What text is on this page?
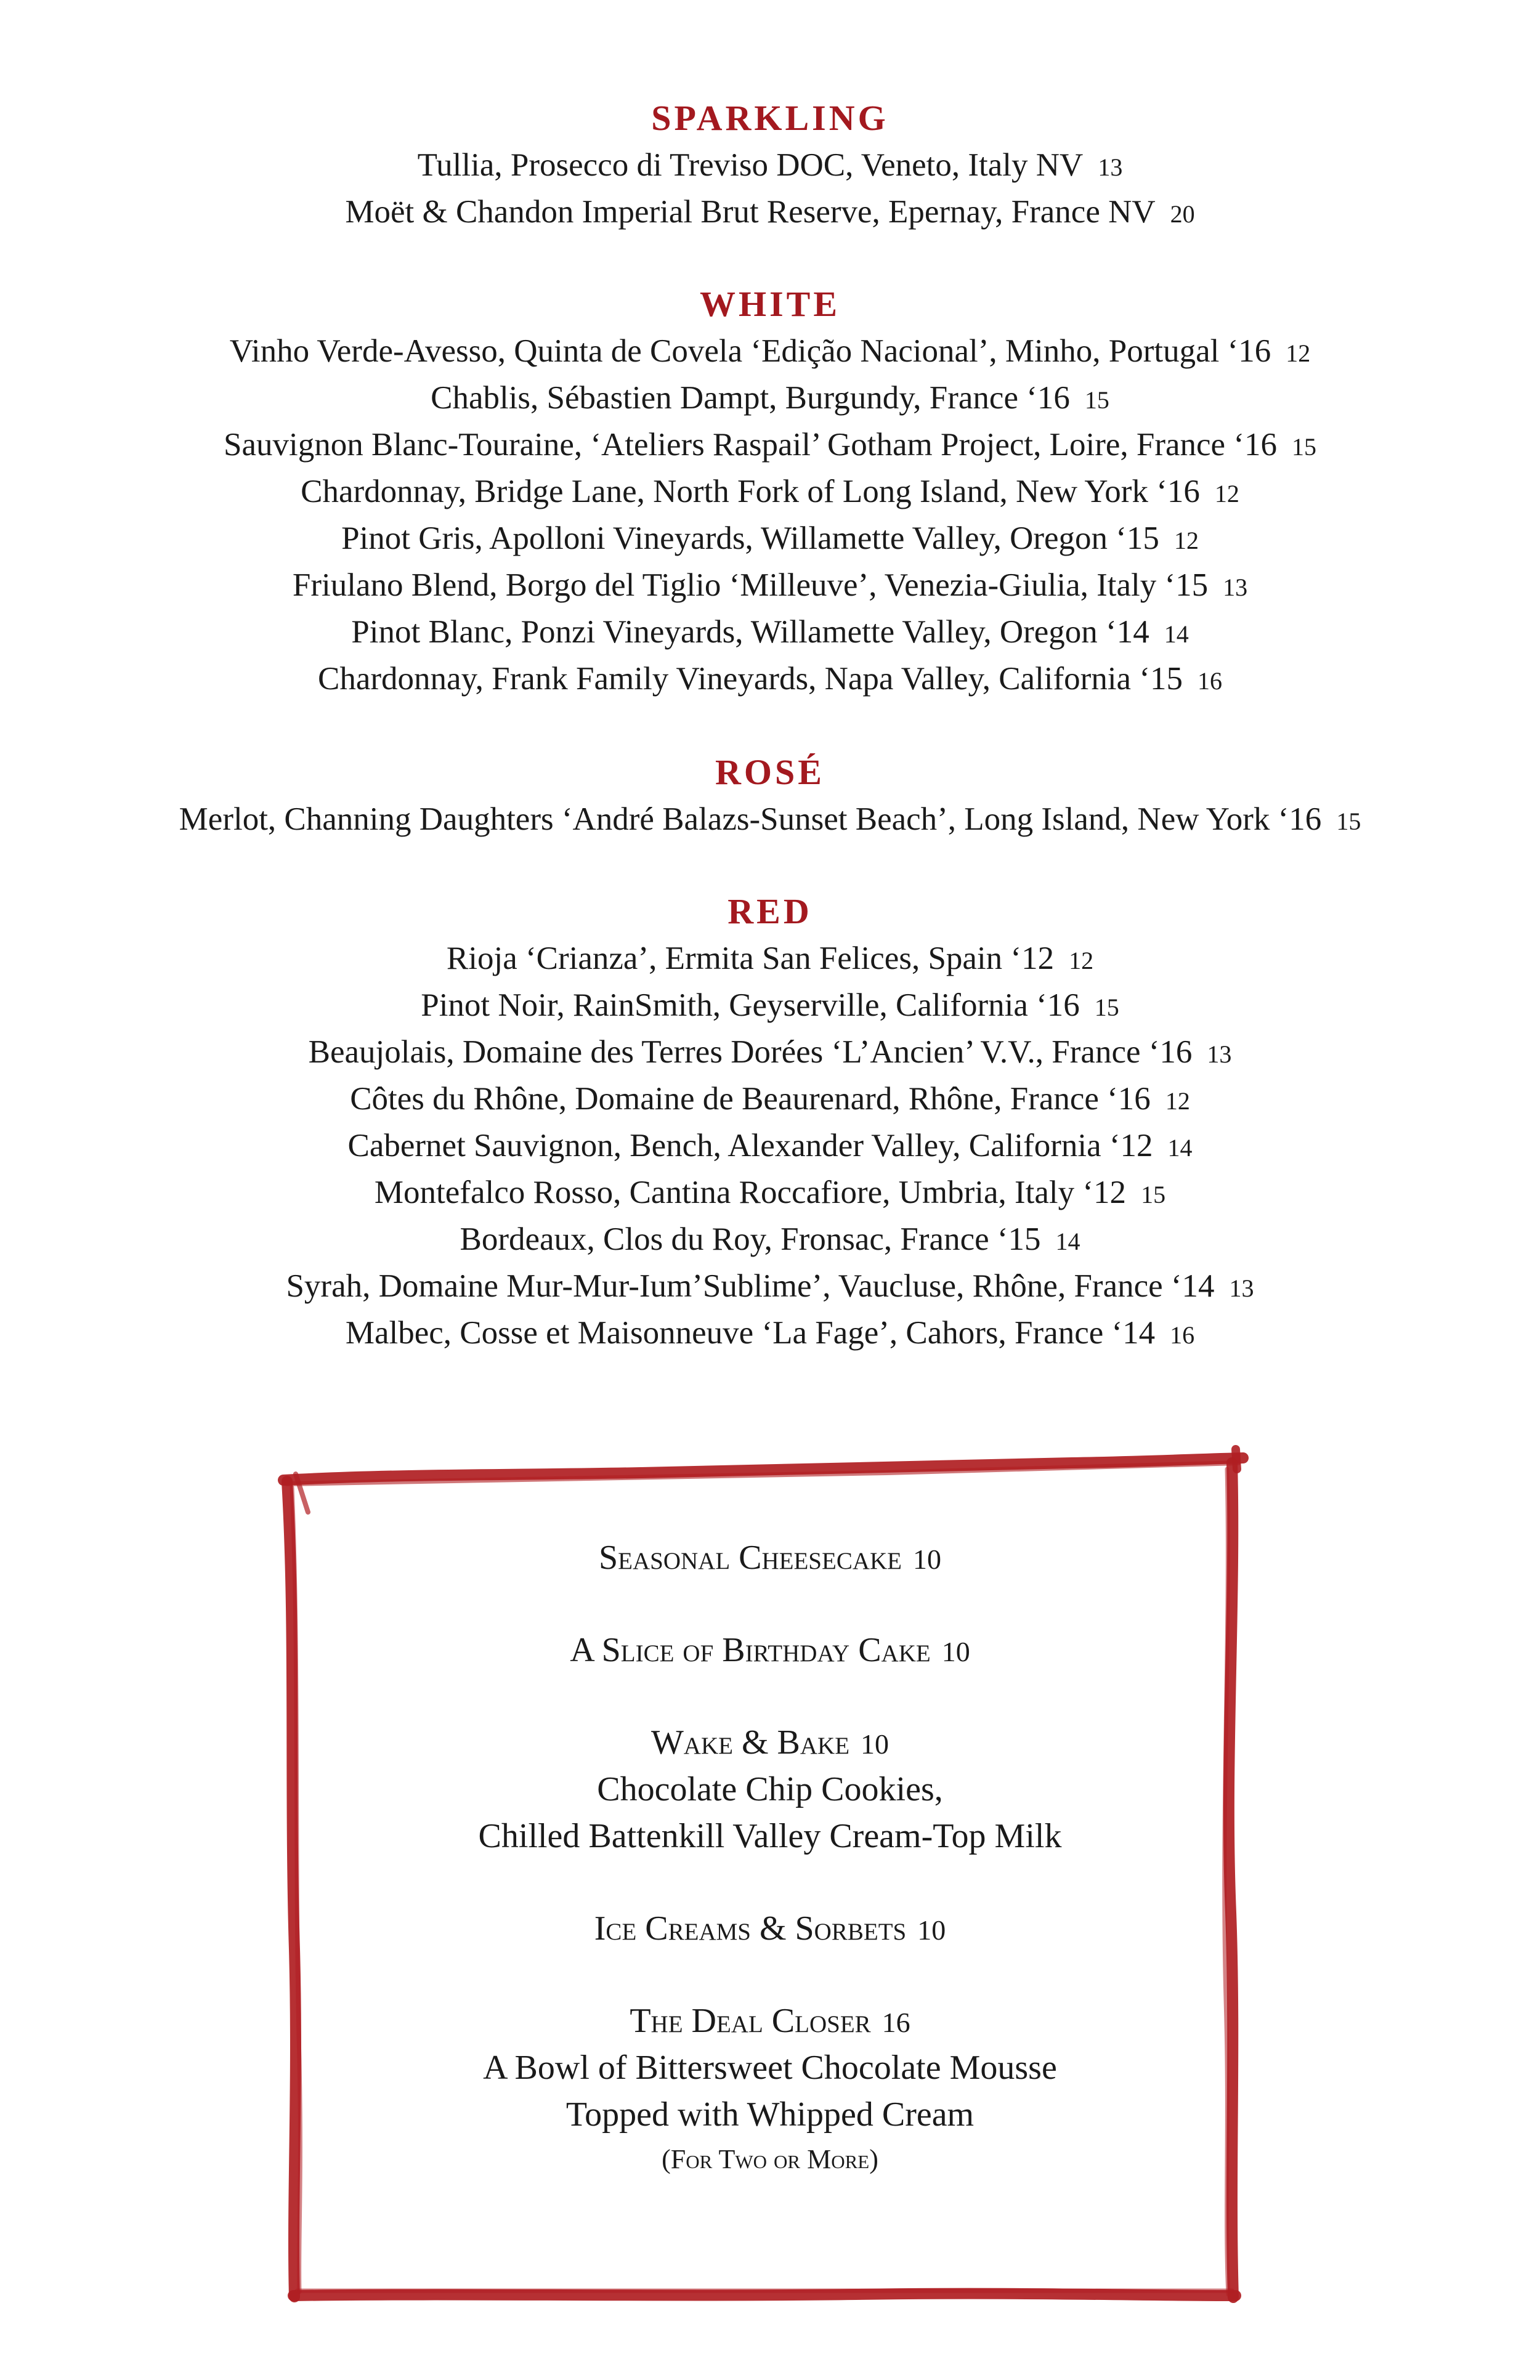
SPARKLING
Tullia, Prosecco di Treviso DOC, Veneto, Italy NV 13
Moët & Chandon Imperial Brut Reserve, Epernay, France NV 20
WHITE
Vinho Verde-Avesso, Quinta de Covela ‘Edição Nacional’, Minho, Portugal ‘16 12
Chablis, Sébastien Dampt, Burgundy, France ‘16 15
Sauvignon Blanc-Touraine, ‘Ateliers Raspail’ Gotham Project, Loire, France ‘16 15
Chardonnay, Bridge Lane, North Fork of Long Island, New York ‘16 12
Pinot Gris, Apolloni Vineyards, Willamette Valley, Oregon ‘15 12
Friulano Blend, Borgo del Tiglio ‘Milleuve’, Venezia-Giulia, Italy ‘15 13
Pinot Blanc, Ponzi Vineyards, Willamette Valley, Oregon ‘14 14
Chardonnay, Frank Family Vineyards, Napa Valley, California ‘15 16
ROSÉ
Merlot, Channing Daughters ‘André Balazs-Sunset Beach’, Long Island, New York ‘16 15
RED
Rioja ‘Crianza’, Ermita San Felices, Spain ‘12 12
Pinot Noir, RainSmith, Geyserville, California ‘16 15
Beaujolais, Domaine des Terres Dorées ‘L’Ancien’ V.V., France ‘16 13
Côtes du Rhône, Domaine de Beaurenard, Rhône, France ‘16 12
Cabernet Sauvignon, Bench, Alexander Valley, California ‘12 14
Montefalco Rosso, Cantina Roccafiore, Umbria, Italy ‘12 15
Bordeaux, Clos du Roy, Fronsac, France ‘15 14
Syrah, Domaine Mur-Mur-Ium’Sublime’, Vaucluse, Rhône, France ‘14 13
Malbec, Cosse et Maisonneuve ‘La Fage’, Cahors, France ‘14 16
Seasonal Cheesecake 10
A Slice of Birthday Cake 10
Wake & Bake 10
Chocolate Chip Cookies,
Chilled Battenkill Valley Cream-Top Milk
Ice Creams & Sorbets 10
The Deal Closer 16
A Bowl of Bittersweet Chocolate Mousse
Topped with Whipped Cream
(For Two or More)
